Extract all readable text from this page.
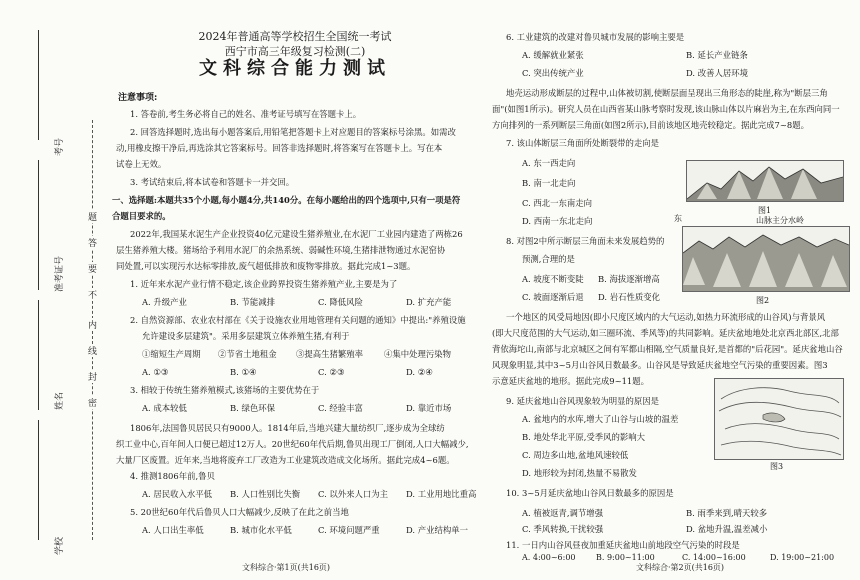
考号
准考证号
姓名
学校
题
答
要
不
内
线
封
密
2024年普通高等学校招生全国统一考试
西宁市高三年级复习检测(二)
文科综合能力测试
注意事项:
1. 答卷前,考生务必将自己的姓名、准考证号填写在答题卡上。
2. 回答选择题时,选出每小题答案后,用铅笔把答题卡上对应题目的答案标号涂黑。如需改
动,用橡皮擦干净后,再选涂其它答案标号。回答非选择题时,将答案写在答题卡上。写在本
试卷上无效。
3. 考试结束后,将本试卷和答题卡一并交回。
一、选择题:本题共35个小题,每小题4分,共140分。在每小题给出的四个选项中,只有一项是符
合题目要求的。
2022年,我国某水泥生产企业投资40亿元建设生猪养殖业,在水泥厂工业园内建造了两栋26
层生猪养殖大楼。猪场给予利用水泥厂的余热系统、弱碱性环境,生猪排泄物通过水泥窑协
同处置,可以实现污水达标零排放,废气超低排放和废物零排放。据此完成1~3题。
1. 近年来水泥产业行情不稳定,该企业跨界投资生猪养殖产业,主要是为了
A. 升级产业	B. 节能减排	C. 降低风险	D. 扩充产能
2. 自然资源部、农业农村部在《关于设施农业用地管理有关问题的通知》中提出:"养殖设施
允许建设多层建筑"。采用多层建筑立体养殖生猪,有利于
①缩短生产周期 ②节省土地租金 ③提高生猪繁殖率	④集中处理污染物
A. ①③	B. ①④	C. ②③	D. ②④
3. 相较于传统生猪养殖模式,该猪场的主要优势在于
A. 成本较低	B. 绿色环保	C. 经验丰富	D. 靠近市场
1806年,法国鲁贝居民只有9000人。1814年后,当地兴建大量纺织厂,逐步成为全球纺
织工业中心,百年间人口便已超过12万人。20世纪60年代后期,鲁贝出现工厂倒闭,人口大幅减少,
大量厂区废置。近年来,当地将废弃工厂改造为工业建筑改造成文化场所。据此完成4~6题。
4. 推测1806年前,鲁贝
A. 居民收入水平低 B. 人口性别比失衡 C. 以外来人口为主 D. 工业用地比重高
5. 20世纪60年代后鲁贝人口大幅减少,反映了在此之前当地
A. 人口出生率低	B. 城市化水平低	C. 环境问题严重	D. 产业结构单一
文科综合·第1页(共16页)
6. 工业建筑的改建对鲁贝城市发展的影响主要是
A. 缓解就业紧张	B. 延长产业链条
C. 突出传统产业	D. 改善人居环境
地壳运动形成断层的过程中,山体被切割,使断层面呈现出三角形态的陡崖,称为"断层三角
面"(如图1所示)。研究人员在山西省某山脉考察时发现,该山脉山体以片麻岩为主,在东西向同一
方向排列的一系列断层三角面(如图2所示),目前该地区地壳较稳定。据此完成7~8题。
7. 该山体断层三角面所处断裂带的走向是
A. 东一西走向
B. 南一北走向
C. 西北一东南走向
D. 西南一东北走向
图1
东	山脉主分水岭
图2
8. 对图2中所示断层三角面未来发展趋势的
预测,合理的是
A. 坡度不断变陡 B. 海拔逐渐增高
C. 坡面逐渐后退 D. 岩石性质变化
一个地区的风受局地因(即小尺度区域内的大气运动,如热力环流形成的山谷风)与背景风
(即大尺度范围的大气运动,如三圈环流、季风等)的共同影响。延庆盆地地处北京西北部区,北部
背依海坨山,南部与北京城区之间有军都山相隔,空气质量良好,是首都的"后花园"。延庆盆地山谷
风现象明显,其中3~5月山谷风日数最多。山谷风是导致延庆盆地空气污染的重要因素。图3
示意延庆盆地的地形。据此完成9~11题。
9. 延庆盆地山谷风现象较为明显的原因是
A. 盆地内的水库,增大了山谷与山坡的温差
B. 地处华北平原,受季风的影响大
C. 周边多山地,盆地风速较低
D. 地形较为封闭,热量不易散发
图3
10. 3~5月延庆盆地山谷风日数最多的原因是
A. 植被返青,调节增强	B. 雨季来到,晴天较多
C. 季风转换,干扰较强	D. 盆地升温,温差减小
11. 一日内山谷风昼夜加重延庆盆地山前地段空气污染的时段是
A. 4:00~6:00	B. 9:00~11:00	C. 14:00~16:00	D. 19:00~21:00
文科综合·第2页(共16页)
